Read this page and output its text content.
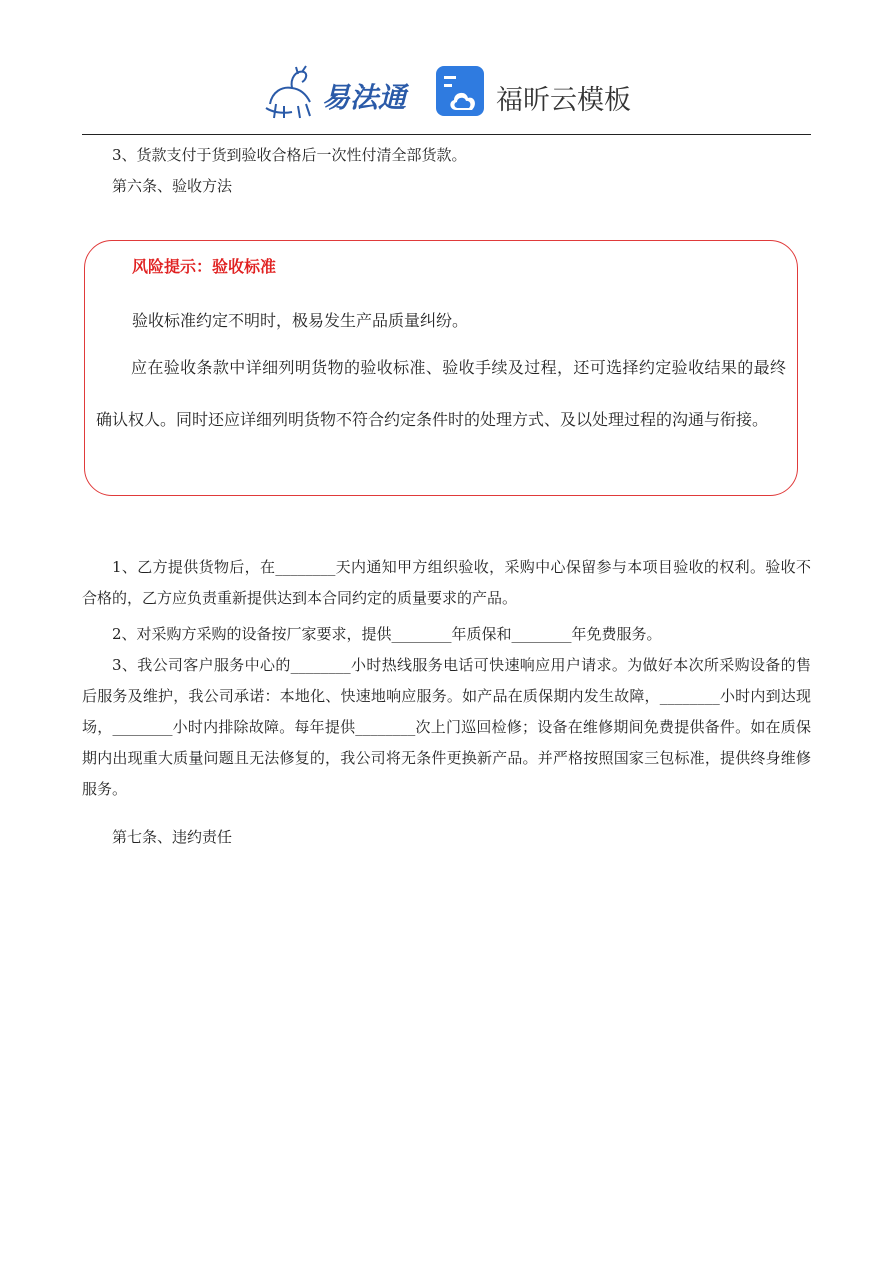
易法通	福昕云模板

3、货款支付于货到验收合格后一次性付清全部货款。

第六条、验收方法

风险提示：验收标准
验收标准约定不明时，极易发生产品质量纠纷。

应在验收条款中详细列明货物的验收标准、验收手续及过程，还可选择约定验收结果的最终确认权人。同时还应详细列明货物不符合约定条件时的处理方式、及以处理过程的沟通与衔接。

1、乙方提供货物后，在________天内通知甲方组织验收，采购中心保留参与本项目验收的权利。验收不合格的，乙方应负责重新提供达到本合同约定的质量要求的产品。

2、对采购方采购的设备按厂家要求，提供________年质保和________年免费服务。

3、我公司客户服务中心的________小时热线服务电话可快速响应用户请求。为做好本次所采购设备的售后服务及维护，我公司承诺：本地化、快速地响应服务。如产品在质保期内发生故障，________小时内到达现场，________小时内排除故障。每年提供________次上门巡回检修；设备在维修期间免费提供备件。如在质保期内出现重大质量问题且无法修复的，我公司将无条件更换新产品。并严格按照国家三包标准，提供终身维修服务。

第七条、违约责任
